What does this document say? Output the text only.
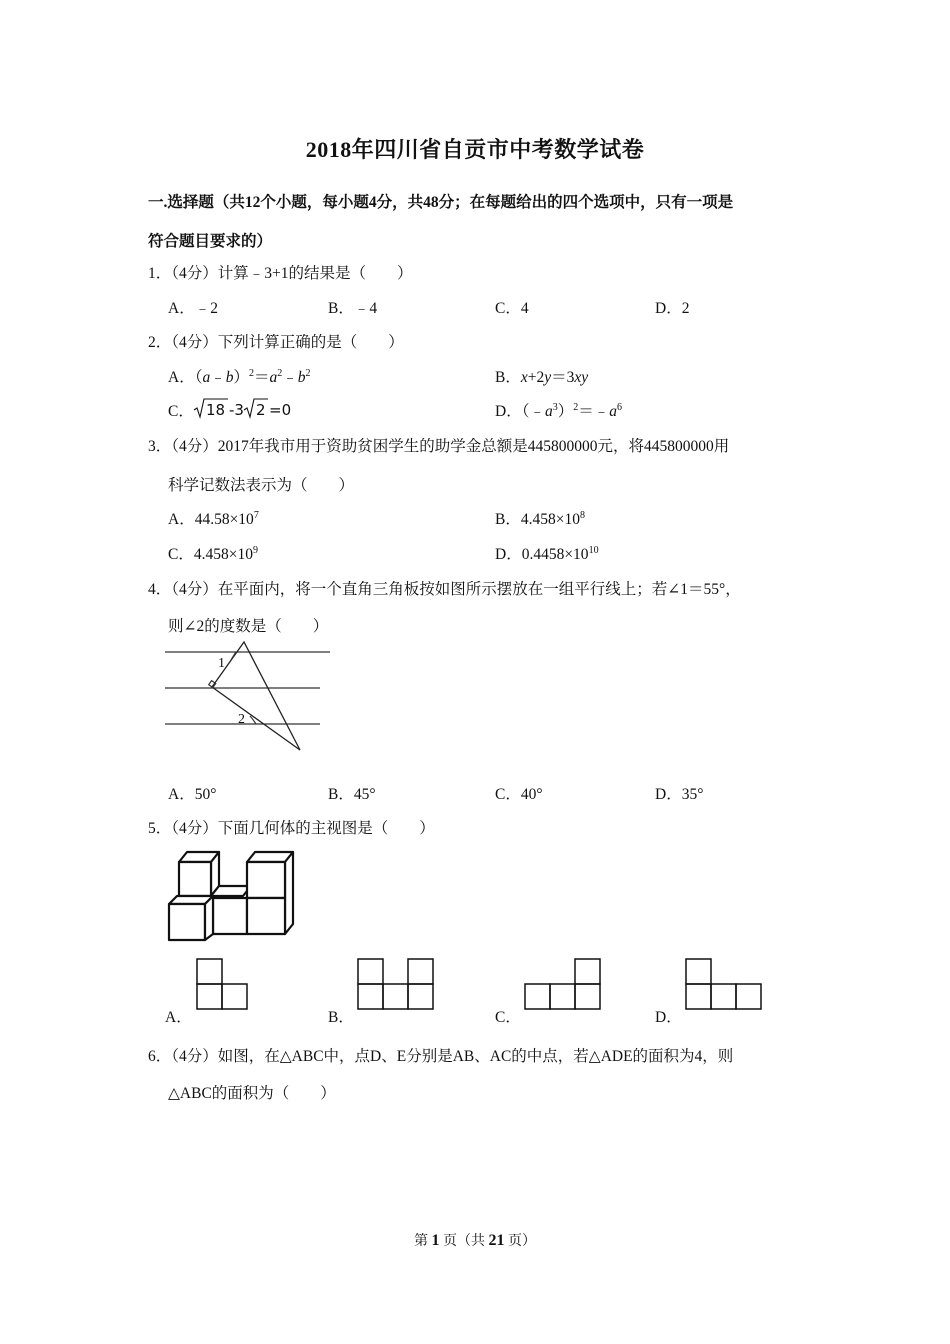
2018年四川省自贡市中考数学试卷
一.选择题（共12个小题，每小题4分，共48分；在每题给出的四个选项中，只有一项是
符合题目要求的）
1．（4分）计算﹣3+1的结果是（　　）
A．﹣2	B．﹣4	C．4	D．2
2．（4分）下列计算正确的是（　　）
A．$(a﹣b)^2=a^2﹣b^2$	B．x+2y＝3xy
C． 18 -3 2 =0	D．$(﹣a^3)^2=﹣a^6$
3．（4分）2017年我市用于资助贫困学生的助学金总额是445800000元，将445800000用
科学记数法表示为（　　）
A．$44.58\times 10^7$	B．$4.458\times 10^8$
C．$4.458\times 10^9$	D．$0.4458\times 10^{10}$
4．（4分）在平面内，将一个直角三角板按如图所示摆放在一组平行线上；若∠1＝55°，
则∠2的度数是（　　）
1
2
A．50°	B．45°	C．40°	D．35°
5．（4分）下面几何体的主视图是（　　）
A．	B．	C．	D．
6．（4分）如图，在△ABC中，点D、E分别是AB、AC的中点，若△ADE的面积为4，则
△ABC的面积为（　　）
第 1 页（共 21 页）
